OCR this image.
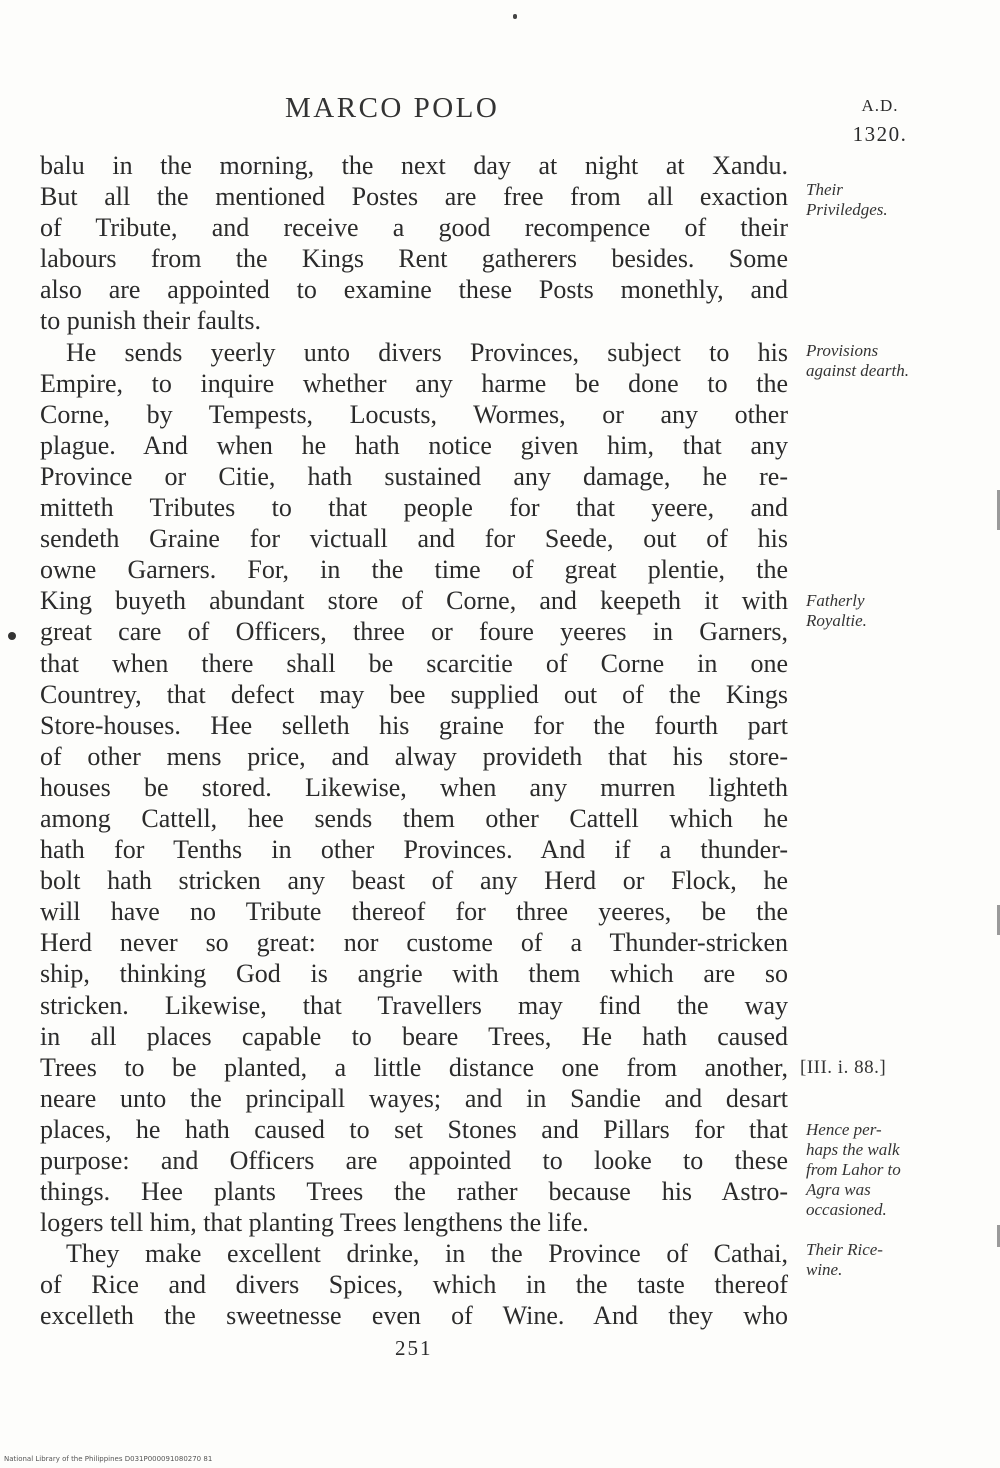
MARCO POLO	A.D.
1320.
balu in the morning, the next day at night at Xandu.
But all the mentioned Postes are free from all exaction
of Tribute, and receive a good recompence of their
labours from the Kings Rent gatherers besides. Some
also are appointed to examine these Posts monethly, and
to punish their faults.
He sends yeerly unto divers Provinces, subject to his
Empire, to inquire whether any harme be done to the
Corne, by Tempests, Locusts, Wormes, or any other
plague. And when he hath notice given him, that any
Province or Citie, hath sustained any damage, he re-
mitteth Tributes to that people for that yeere, and
sendeth Graine for victuall and for Seede, out of his
owne Garners. For, in the time of great plentie, the
King buyeth abundant store of Corne, and keepeth it with
great care of Officers, three or foure yeeres in Garners,
that when there shall be scarcitie of Corne in one
Countrey, that defect may bee supplied out of the Kings
Store-houses. Hee selleth his graine for the fourth part
of other mens price, and alway provideth that his store-
houses be stored. Likewise, when any murren lighteth
among Cattell, hee sends them other Cattell which he
hath for Tenths in other Provinces. And if a thunder-
bolt hath stricken any beast of any Herd or Flock, he
will have no Tribute thereof for three yeeres, be the
Herd never so great: nor custome of a Thunder-stricken
ship, thinking God is angrie with them which are so
stricken. Likewise, that Travellers may find the way
in all places capable to beare Trees, He hath caused
Trees to be planted, a little distance one from another,
neare unto the principall wayes; and in Sandie and desart
places, he hath caused to set Stones and Pillars for that
purpose: and Officers are appointed to looke to these
things. Hee plants Trees the rather because his Astro-
logers tell him, that planting Trees lengthens the life.
They make excellent drinke, in the Province of Cathai,
of Rice and divers Spices, which in the taste thereof
excelleth the sweetnesse even of Wine. And they who
Their
Priviledges.
Provisions
against dearth.
Fatherly
Royaltie.
[III. i. 88.]
Hence per-
haps the walk
from Lahor to
Agra was
occasioned.
Their Rice-
wine.
251
National Library of the Philippines D031P000091080270 81
